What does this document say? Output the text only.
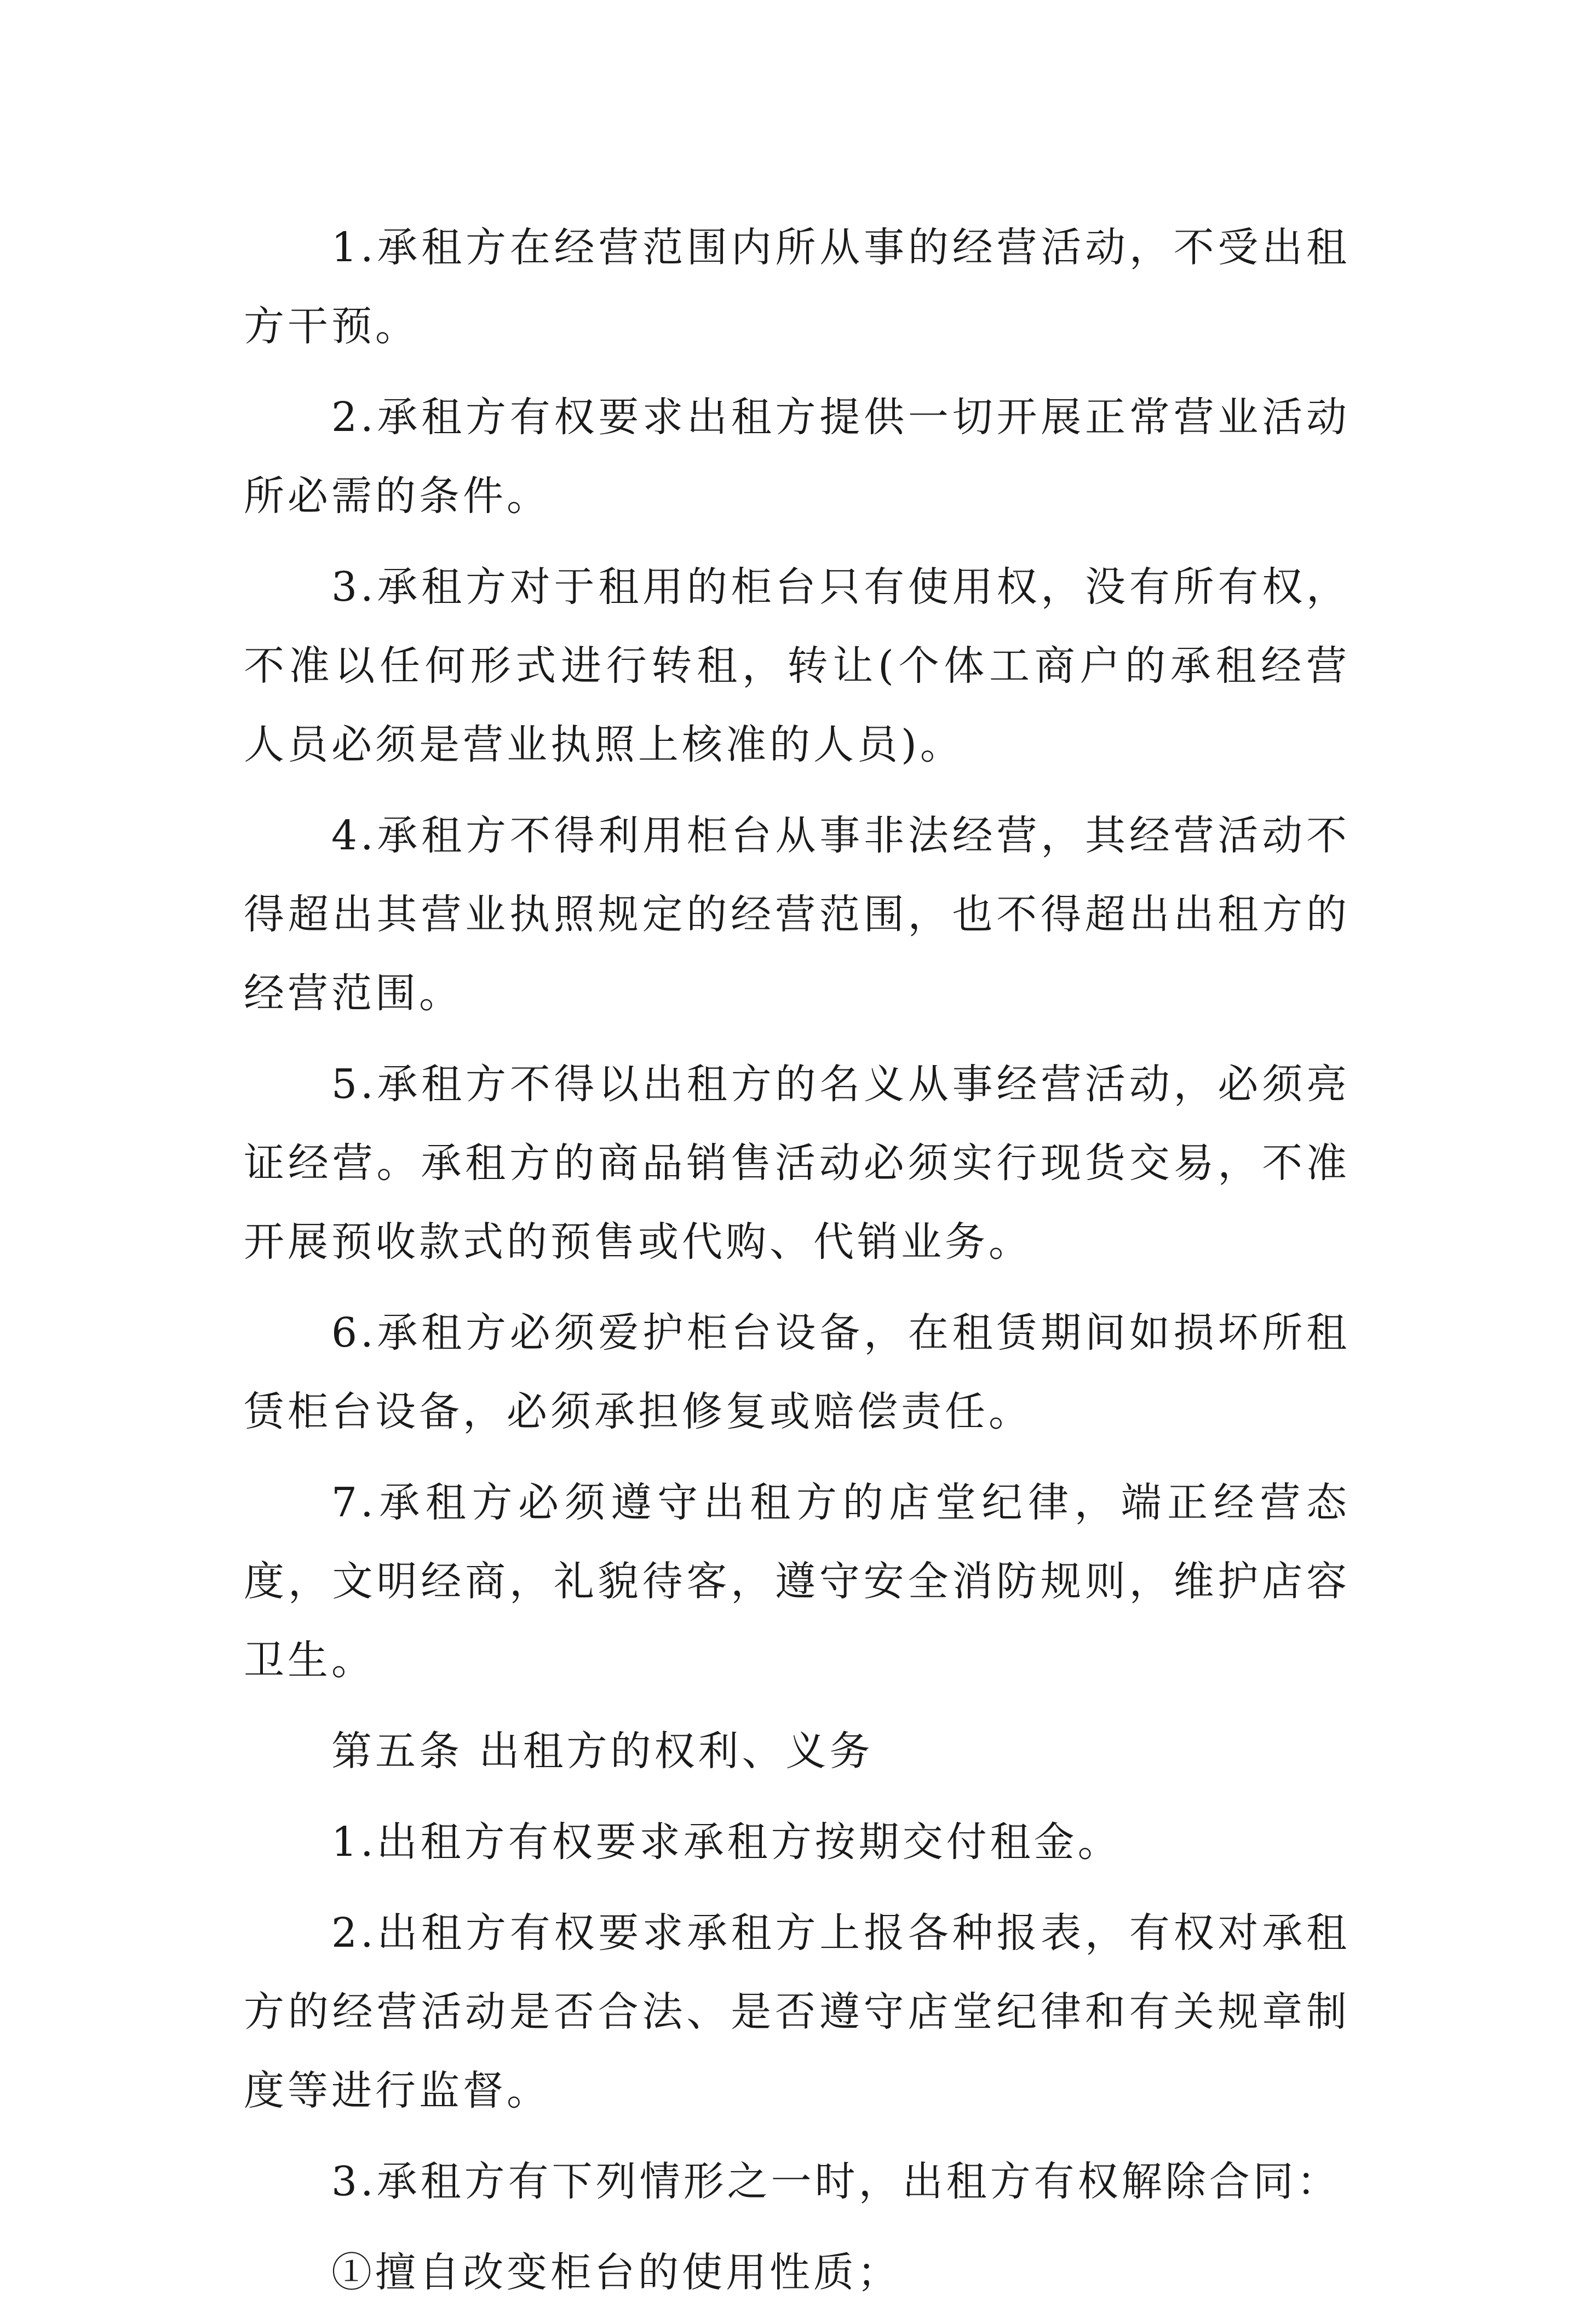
1.承租方在经营范围内所从事的经营活动，不受出租方干预。

2.承租方有权要求出租方提供一切开展正常营业活动所必需的条件。

3.承租方对于租用的柜台只有使用权，没有所有权，不准以任何形式进行转租，转让(个体工商户的承租经营人员必须是营业执照上核准的人员)。

4.承租方不得利用柜台从事非法经营，其经营活动不得超出其营业执照规定的经营范围，也不得超出出租方的经营范围。

5.承租方不得以出租方的名义从事经营活动，必须亮证经营。承租方的商品销售活动必须实行现货交易，不准开展预收款式的预售或代购、代销业务。

6.承租方必须爱护柜台设备，在租赁期间如损坏所租赁柜台设备，必须承担修复或赔偿责任。

7.承租方必须遵守出租方的店堂纪律，端正经营态度，文明经商，礼貌待客，遵守安全消防规则，维护店容卫生。

第五条 出租方的权利、义务

1.出租方有权要求承租方按期交付租金。

2.出租方有权要求承租方上报各种报表，有权对承租方的经营活动是否合法、是否遵守店堂纪律和有关规章制度等进行监督。

3.承租方有下列情形之一时，出租方有权解除合同：

①擅自改变柜台的使用性质；
